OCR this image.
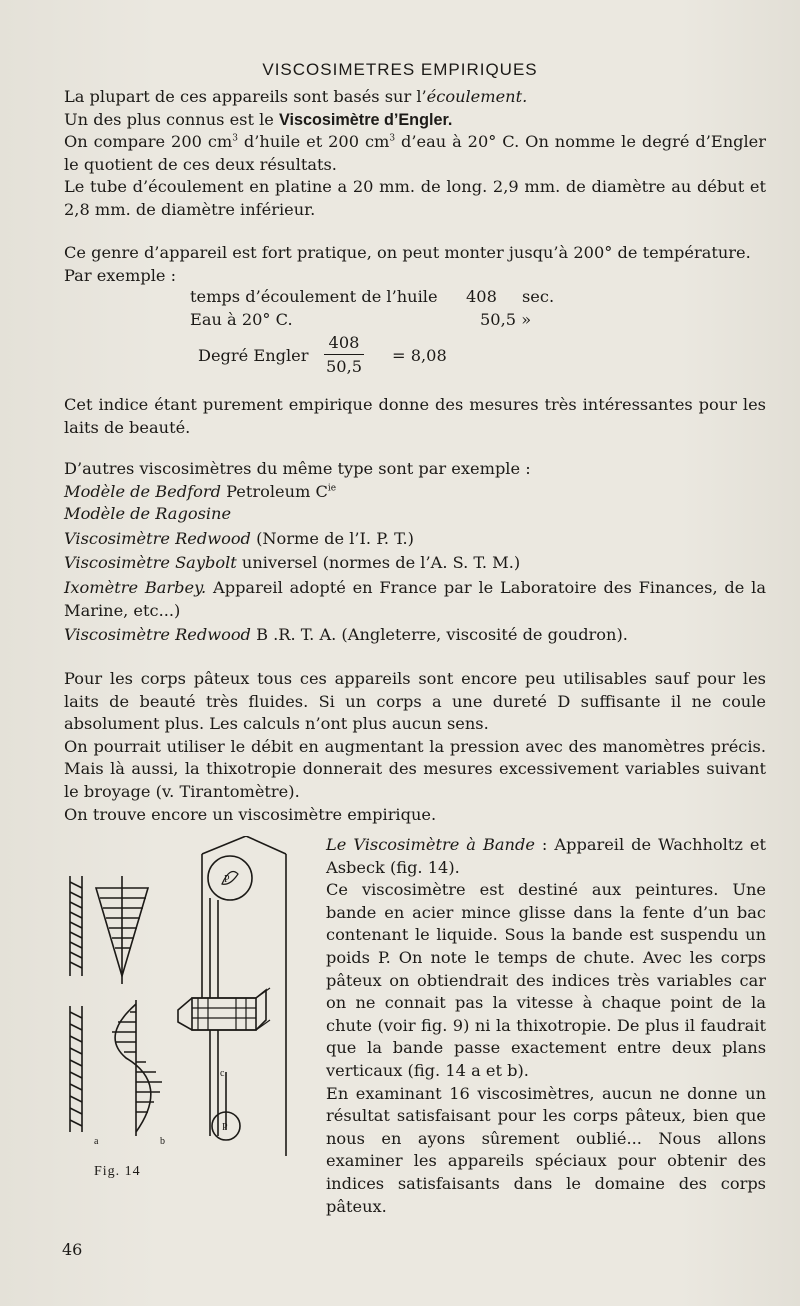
VISCOSIMETRES EMPIRIQUES

La plupart de ces appareils sont basés sur l’écoulement.

Un des plus connus est le Viscosimètre d’Engler.

On compare 200 $cm^3$ d’huile et 200 $cm^3$ d’eau à 20° C. On nomme le degré d’Engler le quotient de ces deux résultats.

Le tube d’écoulement en platine a 20 mm. de long. 2,9 mm. de diamètre au début et 2,8 mm. de diamètre inférieur.

Ce genre d’appareil est fort pratique, on peut monter jusqu’à 200° de température.

Par exemple :

temps d’écoulement de l’huile 408 sec.
Eau à 20° C.	50,5 »
Degré Engler
408
50,5
= 8,08

Cet indice étant purement empirique donne des mesures très intéressantes pour les laits de beauté.

D’autres viscosimètres du même type sont par exemple :

Modèle de Bedford Petroleum $C^{ie}$

Modèle de Ragosine

Viscosimètre Redwood (Norme de l’I. P. T.)

Viscosimètre Saybolt universel (normes de l’A. S. T. M.)

Ixomètre Barbey. Appareil adopté en France par le Laboratoire des Finances, de la Marine, etc...)

Viscosimètre Redwood B .R. T. A. (Angleterre, viscosité de goudron).

Pour les corps pâteux tous ces appareils sont encore peu utilisables sauf pour les laits de beauté très fluides. Si un corps a une dureté D suffisante il ne coule absolument plus. Les calculs n’ont plus aucun sens.

On pourrait utiliser le débit en augmentant la pression avec des manomètres précis. Mais là aussi, la thixotropie donnerait des mesures excessivement variables suivant le broyage (v. Tirantomètre).

On trouve encore un viscosimètre empirique.

Le Viscosimètre à Bande : Appareil de Wachholtz et Asbeck (fig. 14).

Ce viscosimètre est destiné aux peintures. Une bande en acier mince glisse dans la fente d’un bac contenant le liquide. Sous la bande est suspendu un poids P. On note le temps de chute. Avec les corps pâteux on obtiendrait des indices très variables car on ne connait pas la vitesse à chaque point de la chute (voir fig. 9) ni la thixotropie. De plus il faudrait que la bande passe exactement entre deux plans verticaux (fig. 14 a et b).

En examinant 16 viscosimètres, aucun ne donne un résultat satisfaisant pour les corps pâteux, bien que nous en ayons sûrement oublié... Nous allons examiner les appareils spéciaux pour obtenir des indices satisfaisants dans le domaine des corps pâteux.

a	b
c
P
P
Fig. 14
46
